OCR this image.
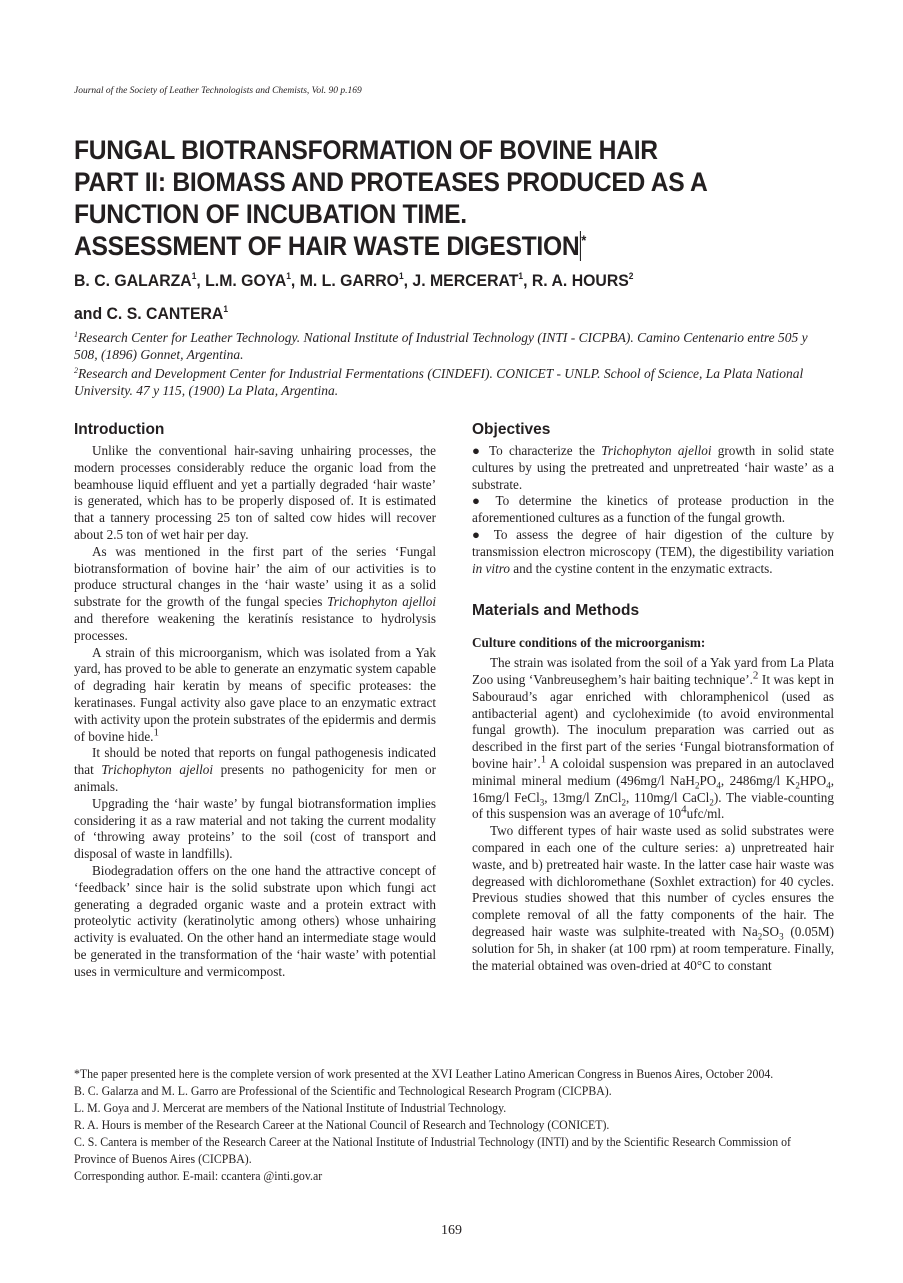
Journal of the Society of Leather Technologists and Chemists, Vol. 90 p.169
FUNGAL BIOTRANSFORMATION OF BOVINE HAIR
PART II: BIOMASS AND PROTEASES PRODUCED AS A
FUNCTION OF INCUBATION TIME.
ASSESSMENT OF HAIR WASTE DIGESTION *
B. C. GALARZA$^1$, L.M. GOYA$^1$, M. L. GARRO$^1$, J. MERCERAT$^1$, R. A. HOURS$^2$
and C. S. CANTERA$^1$
$^1$Research Center for Leather Technology. National Institute of Industrial Technology (INTI - CICPBA). Camino Centenario entre 505 y 508, (1896) Gonnet, Argentina.
$^2$Research and Development Center for Industrial Fermentations (CINDEFI). CONICET - UNLP. School of Science, La Plata National University. 47 y 115, (1900) La Plata, Argentina.
Introduction

Unlike the conventional hair-saving unhairing processes, the modern processes considerably reduce the organic load from the beamhouse liquid effluent and yet a partially degraded ‘hair waste’ is generated, which has to be properly disposed of. It is estimated that a tannery processing 25 ton of salted cow hides will recover about 2.5 ton of wet hair per day.

As was mentioned in the first part of the series ‘Fungal biotransformation of bovine hair’ the aim of our activities is to produce structural changes in the ‘hair waste’ using it as a solid substrate for the growth of the fungal species Trichophyton ajelloi and therefore weakening the keratinís resistance to hydrolysis processes.

A strain of this microorganism, which was isolated from a Yak yard, has proved to be able to generate an enzymatic system capable of degrading hair keratin by means of specific proteases: the keratinases. Fungal activity also gave place to an enzymatic extract with activity upon the protein substrates of the epidermis and dermis of bovine hide.$^1$

It should be noted that reports on fungal pathogenesis indicated that Trichophyton ajelloi presents no pathogenicity for men or animals.

Upgrading the ‘hair waste’ by fungal biotransformation implies considering it as a raw material and not taking the current modality of ‘throwing away proteins’ to the soil (cost of transport and disposal of waste in landfills).

Biodegradation offers on the one hand the attractive concept of ‘feedback’ since hair is the solid substrate upon which fungi act generating a degraded organic waste and a protein extract with proteolytic activity (keratinolytic among others) whose unhairing activity is evaluated. On the other hand an intermediate stage would be generated in the transformation of the ‘hair waste’ with potential uses in vermiculture and vermicompost.

Objectives

● To characterize the Trichophyton ajelloi growth in solid state cultures by using the pretreated and unpretreated ‘hair waste’ as a substrate.

● To determine the kinetics of protease production in the aforementioned cultures as a function of the fungal growth.

● To assess the degree of hair digestion of the culture by transmission electron microscopy (TEM), the digestibility variation in vitro and the cystine content in the enzymatic extracts.

Materials and Methods
Culture conditions of the microorganism:

The strain was isolated from the soil of a Yak yard from La Plata Zoo using ‘Vanbreuseghem’s hair baiting technique’.$^2$ It was kept in Sabouraud’s agar enriched with chloramphenicol (used as antibacterial agent) and cycloheximide (to avoid environmental fungal growth). The inoculum preparation was carried out as described in the first part of the series ‘Fungal biotransformation of bovine hair’.$^1$ A coloidal suspension was prepared in an autoclaved minimal mineral medium (496mg/l $NaH_2PO_4$, 2486mg/l $K_2HPO_4$, 16mg/l FeCl$_3$, 13mg/l ZnCl$_2$, 110mg/l CaCl$_2$). The viable-counting of this suspension was an average of $10^4ufc/ml$.

Two different types of hair waste used as solid substrates were compared in each one of the culture series: a) unpretreated hair waste, and b) pretreated hair waste. In the latter case hair waste was degreased with dichloromethane (Soxhlet extraction) for 40 cycles. Previous studies showed that this number of cycles ensures the complete removal of all the fatty components of the hair. The degreased hair waste was sulphite-treated with $Na_2SO_3$ (0.05M) solution for 5h, in shaker (at 100 rpm) at room temperature. Finally, the material obtained was oven-dried at 40°C to constant

*The paper presented here is the complete version of work presented at the XVI Leather Latino American Congress in Buenos Aires, October 2004.
B. C. Galarza and M. L. Garro are Professional of the Scientific and Technological Research Program (CICPBA).
L. M. Goya and J. Mercerat are members of the National Institute of Industrial Technology.
R. A. Hours is member of the Research Career at the National Council of Research and Technology (CONICET).
C. S. Cantera is member of the Research Career at the National Institute of Industrial Technology (INTI) and by the Scientific Research Commission of Province of Buenos Aires (CICPBA).
Corresponding author. E-mail: ccantera @inti.gov.ar
169
